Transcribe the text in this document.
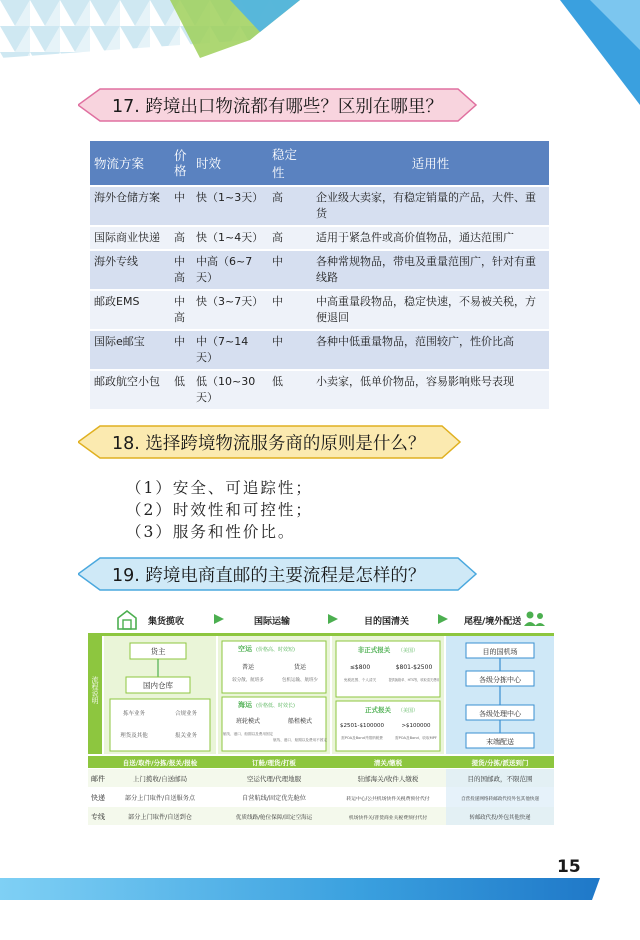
17. 跨境出口物流都有哪些？区别在哪里？
物流方案	价格	时效	稳定性	适用性
海外仓储方案	中	快（1~3天）	高	企业级大卖家，有稳定销量的产品，大件、重货
国际商业快递	高	快（1~4天）	高	适用于紧急件或高价值物品，通达范围广
海外专线	中高	中高（6~7天）	中	各种常规物品，带电及重量范围广，针对有重线路
邮政EMS	中高	快（3~7天）	中	中高重量段物品，稳定快速，不易被关税，方便退回
国际e邮宝	中	中（7~14天）	中	各种中低重量物品，范围较广，性价比高
邮政航空小包	低	低（10~30天）	低	小卖家，低单价物品，容易影响账号表现
18. 选择跨境物流服务商的原则是什么？
（1）安全、可追踪性；
（2）时效性和可控性；
（3）服务和性价比。
19. 跨境电商直邮的主要流程是怎样的？
集货揽收	国际运输	目的国清关	尾程/境外配送
流程说明
货主
国内仓库
拣车业务	合规业务
理货及其他	报关业务
空运 (价格高、时效短)
普运
较分散、航班多
货运
包机运输、航班少
海运 (价格低、时效长)
班轮模式
航线、港口、船期以及费用固定
船租模式
航线、港口、船期以及费用不固定
非正式报关 （美国）
≤$800
免税范围、个人清关
$801-$2500
提供换箱单、HTS等，收取清关费用
正式报关 （美国）
$2501-$100000
需POA及Bond并缴纳税费
>$100000
需POA及Bond、收取MPF
目的国机场
各级分拣中心
各级处理中心
末端配送
自送/取件/分拣/报关/报检	订舱/理货/打板	清关/缴税	提货/分拣/派送到门
邮件	上门揽收/自送邮局	空运代理/代理地服	驻邮海关/收件人缴税	目的国邮政，不限范围
快递	部分上门取件/自送服务点	自营航线/固定优先舱位	转运中心/公共机场快件关税费预付代付	自营投递网络转邮政代投外包其他快递
专线	部分上门取件/自送到仓	优质线路/舱位保障/固定空海运	机场快件关/普货商业关税费预付代付	转邮政代投/外包其他快递
15
